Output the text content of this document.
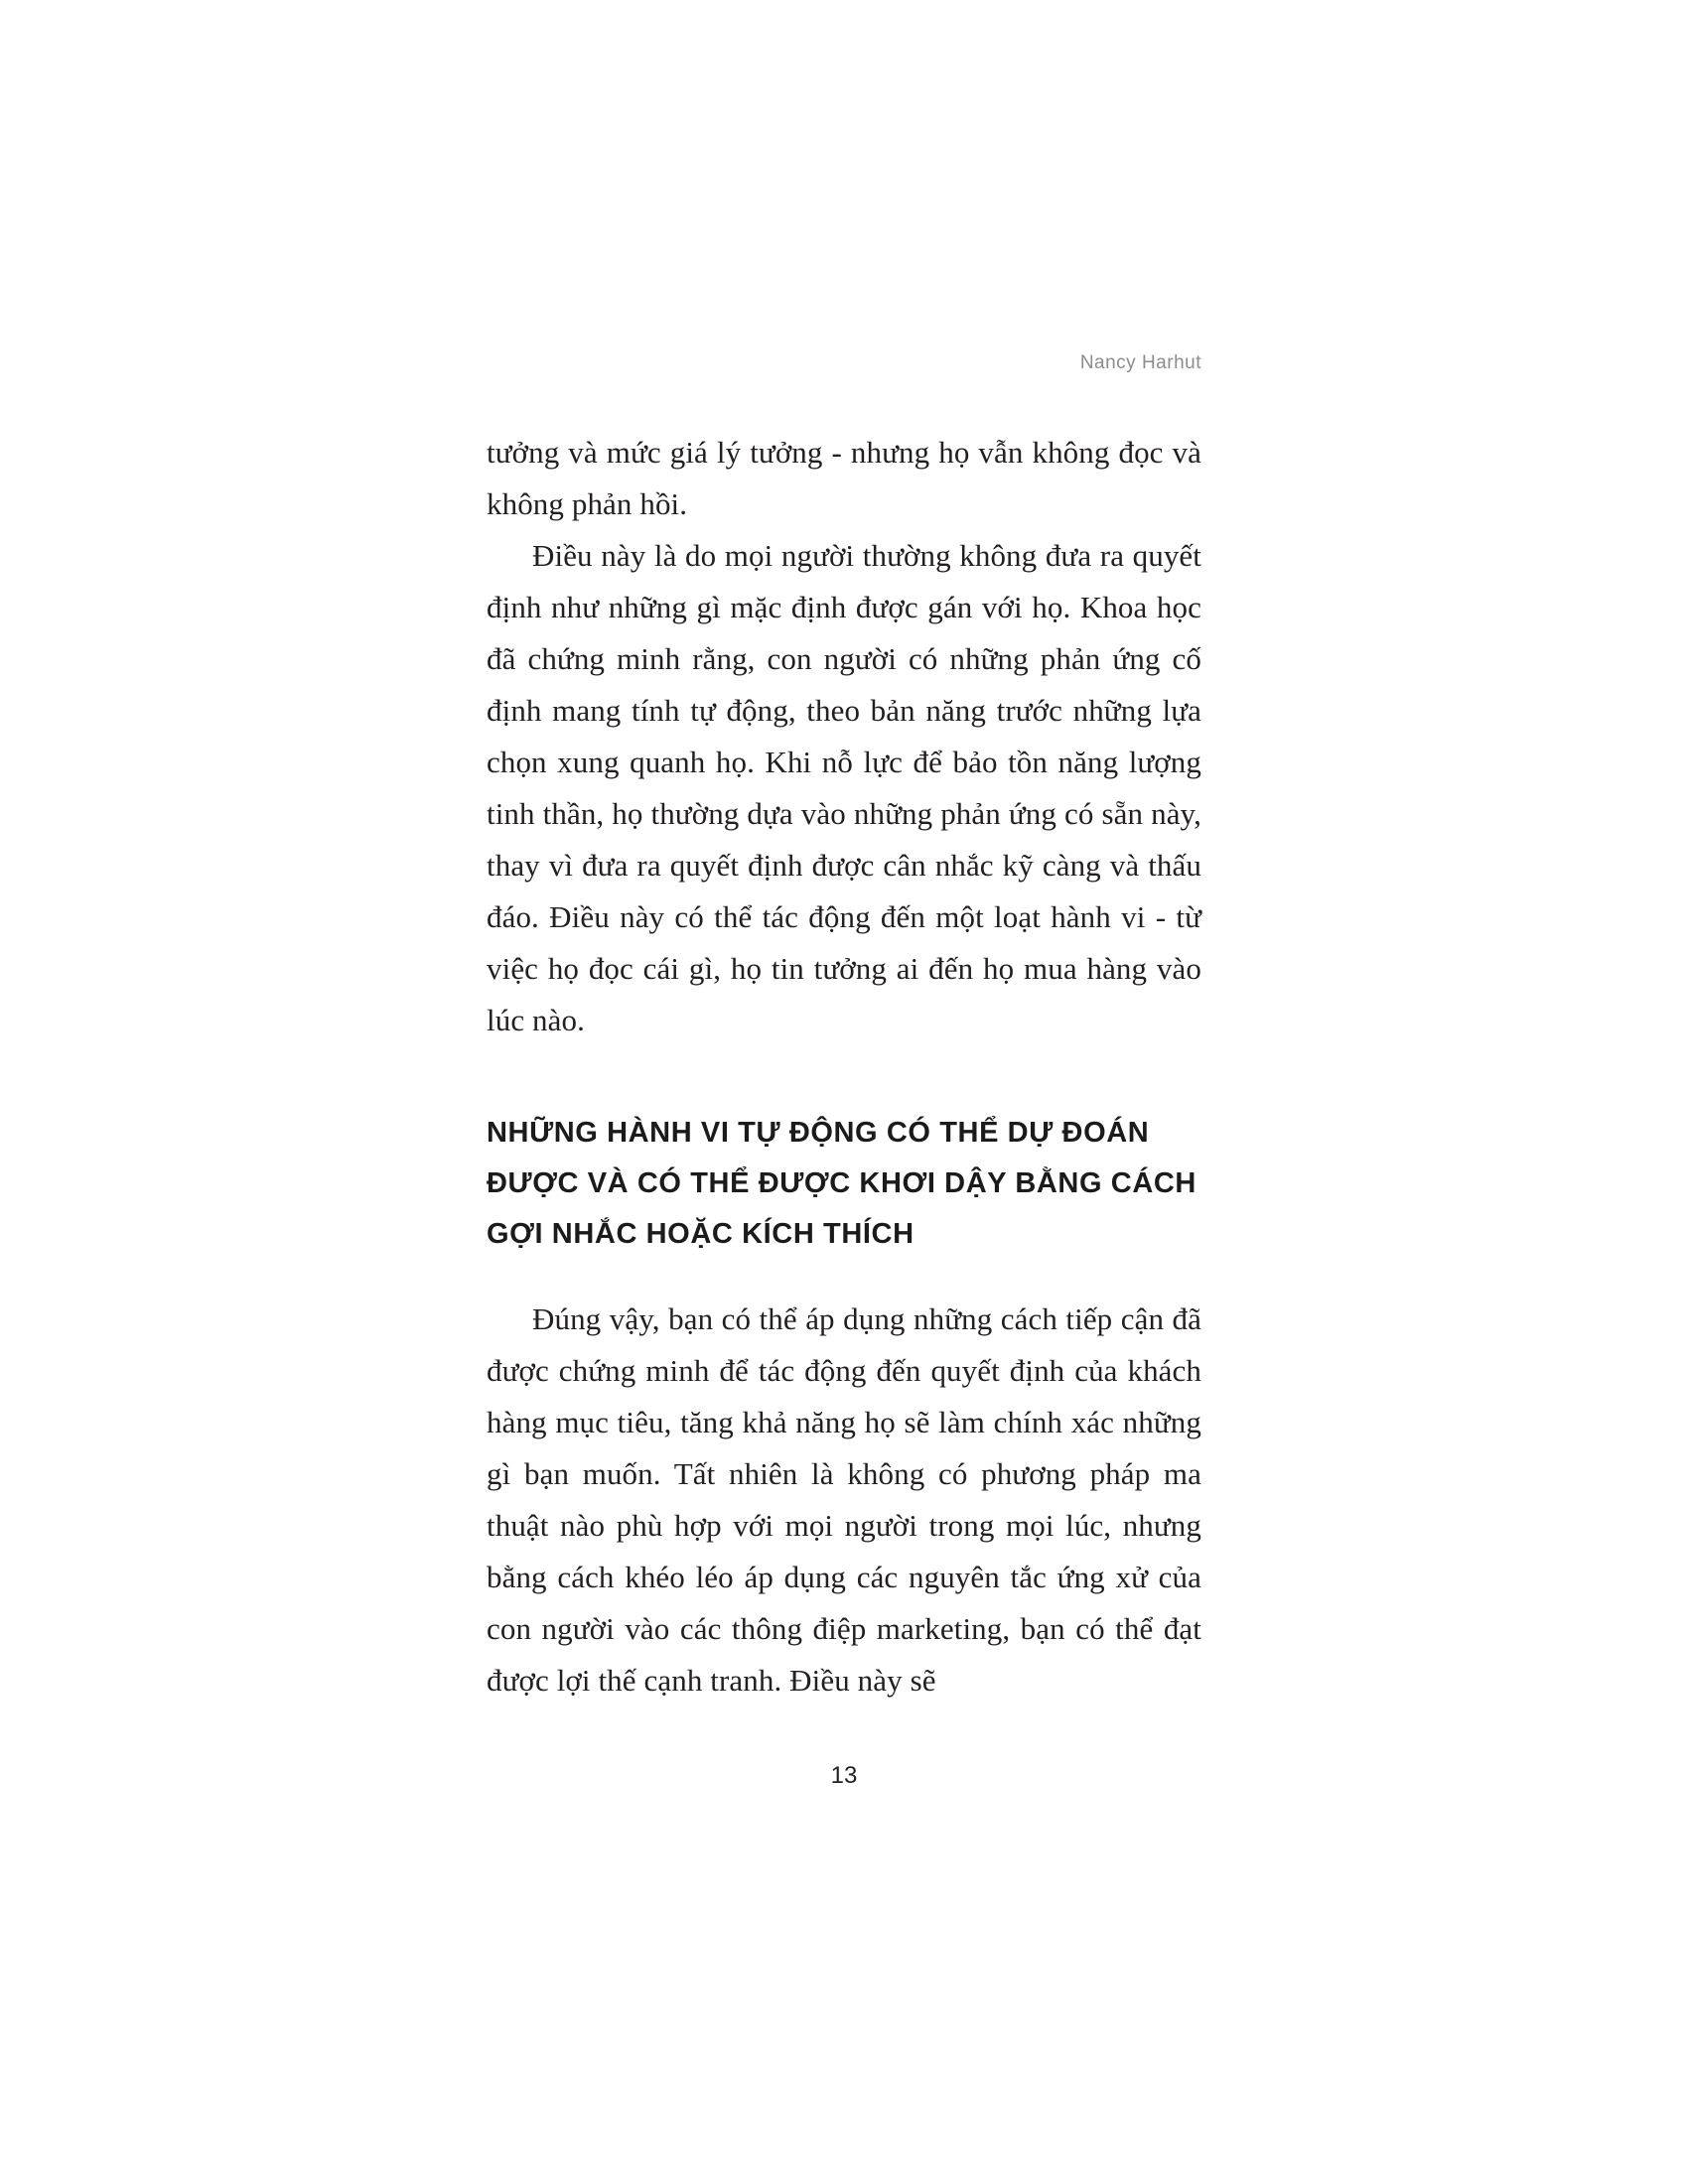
Nancy Harhut

tưởng và mức giá lý tưởng - nhưng họ vẫn không đọc và không phản hồi.

Điều này là do mọi người thường không đưa ra quyết định như những gì mặc định được gán với họ. Khoa học đã chứng minh rằng, con người có những phản ứng cố định mang tính tự động, theo bản năng trước những lựa chọn xung quanh họ. Khi nỗ lực để bảo tồn năng lượng tinh thần, họ thường dựa vào những phản ứng có sẵn này, thay vì đưa ra quyết định được cân nhắc kỹ càng và thấu đáo. Điều này có thể tác động đến một loạt hành vi - từ việc họ đọc cái gì, họ tin tưởng ai đến họ mua hàng vào lúc nào.

NHỮNG HÀNH VI TỰ ĐỘNG CÓ THỂ DỰ ĐOÁN ĐƯỢC VÀ CÓ THỂ ĐƯỢC KHƠI DẬY BẰNG CÁCH GỢI NHẮC HOẶC KÍCH THÍCH

Đúng vậy, bạn có thể áp dụng những cách tiếp cận đã được chứng minh để tác động đến quyết định của khách hàng mục tiêu, tăng khả năng họ sẽ làm chính xác những gì bạn muốn. Tất nhiên là không có phương pháp ma thuật nào phù hợp với mọi người trong mọi lúc, nhưng bằng cách khéo léo áp dụng các nguyên tắc ứng xử của con người vào các thông điệp marketing, bạn có thể đạt được lợi thế cạnh tranh. Điều này sẽ

13
